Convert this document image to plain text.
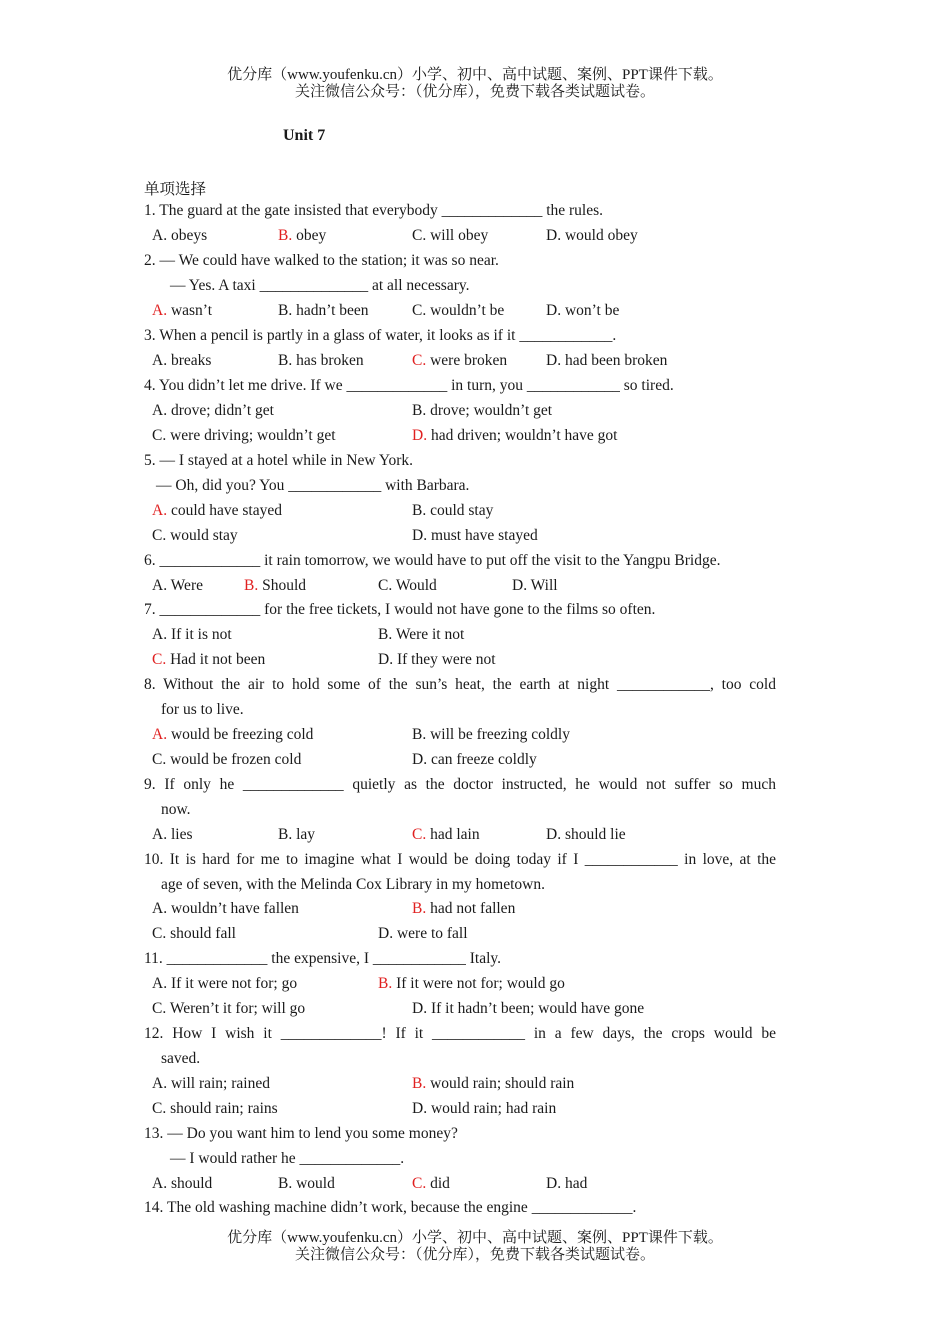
优分库（www.youfenku.cn）小学、初中、高中试题、案例、PPT课件下载。
关注微信公众号：（优分库），免费下载各类试题试卷。
Unit 7
单项选择
1. The guard at the gate insisted that everybody _____________ the rules.
A. obeys	B. obey	C. will obey	D. would obey
2. — We could have walked to the station; it was so near.
— Yes. A taxi ______________ at all necessary.
A. wasn’t	B. hadn’t been	C. wouldn’t be	D. won’t be
3. When a pencil is partly in a glass of water, it looks as if it ____________.
A. breaks	B. has broken	C. were broken	D. had been broken
4. You didn’t let me drive. If we _____________ in turn, you ____________ so tired.
A. drove; didn’t get	B. drove; wouldn’t get
C. were driving; wouldn’t get	D. had driven; wouldn’t have got
5. — I stayed at a hotel while in New York.
— Oh, did you? You ____________ with Barbara.
A. could have stayed	B. could stay
C. would stay	D. must have stayed
6. _____________ it rain tomorrow, we would have to put off the visit to the Yangpu Bridge.
A. Were	B. Should	C. Would	D. Will
7. _____________ for the free tickets, I would not have gone to the films so often.
A. If it is not	B. Were it not
C. Had it not been	D. If they were not
8. Without the air to hold some of the sun’s heat, the earth at night ____________, too cold
for us to live.
A. would be freezing cold	B. will be freezing coldly
C. would be frozen cold	D. can freeze coldly
9. If only he _____________ quietly as the doctor instructed, he would not suffer so much
now.
A. lies	B. lay	C. had lain	D. should lie
10. It is hard for me to imagine what I would be doing today if I ____________ in love, at the
age of seven, with the Melinda Cox Library in my hometown.
A. wouldn’t have fallen	B. had not fallen
C. should fall	D. were to fall
11. _____________ the expensive, I ____________ Italy.
A. If it were not for; go	B. If it were not for; would go
C. Weren’t it for; will go	D. If it hadn’t been; would have gone
12. How I wish it _____________! If it ____________ in a few days, the crops would be
saved.
A. will rain; rained	B. would rain; should rain
C. should rain; rains	D. would rain; had rain
13. — Do you want him to lend you some money?
— I would rather he _____________.
A. should	B. would	C. did	D. had
14. The old washing machine didn’t work, because the engine _____________.
优分库（www.youfenku.cn）小学、初中、高中试题、案例、PPT课件下载。
关注微信公众号：（优分库），免费下载各类试题试卷。
